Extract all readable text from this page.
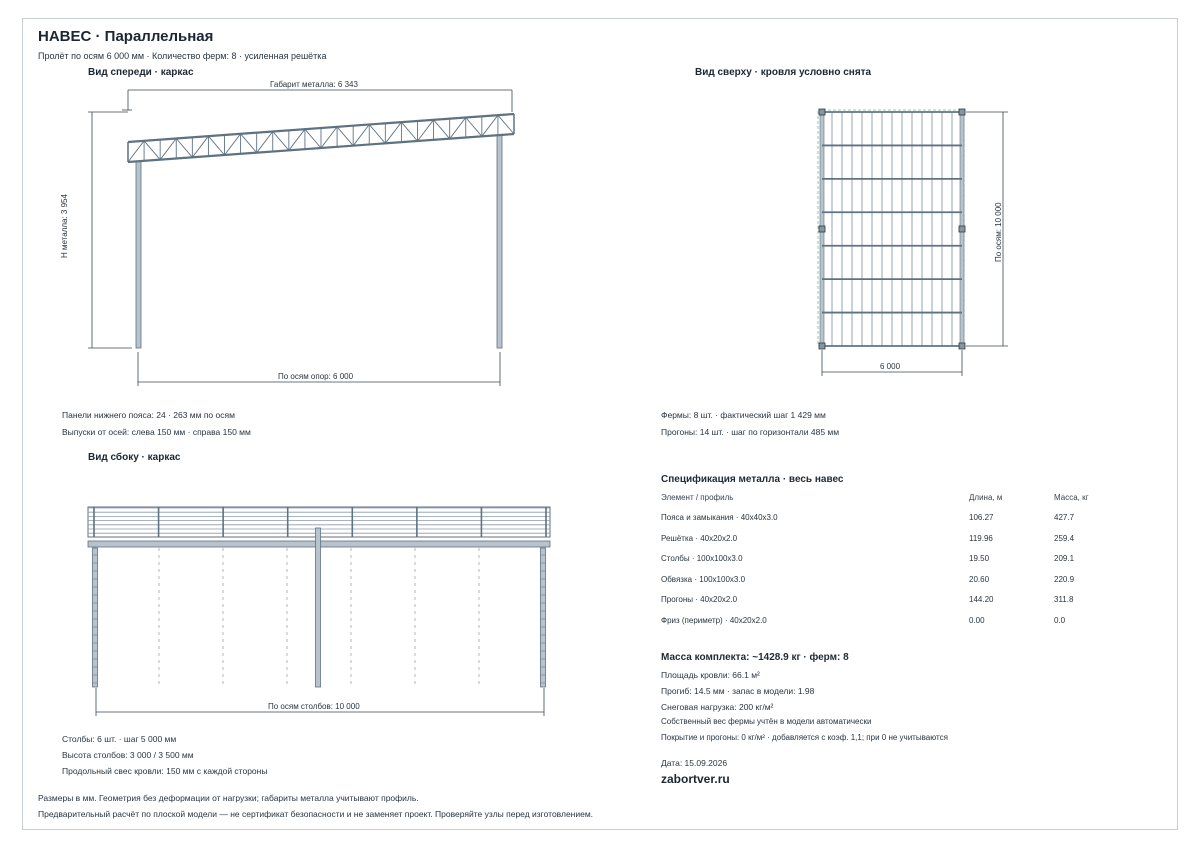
НАВЕС · Параллельная
Пролёт по осям 6 000 мм · Количество ферм: 8 · усиленная решётка
Вид спереди · каркас
Габарит металла: 6 343
Н металла: 3 954
По осям опор: 6 000
Панели нижнего пояса: 24 · 263 мм по осям
Выпуски от осей: слева 150 мм · справа 150 мм
Вид сверху · кровля условно снята
По осям: 10 000
6 000
Фермы: 8 шт. · фактический шаг 1 429 мм
Прогоны: 14 шт. · шаг по горизонтали 485 мм
Вид сбоку · каркас
По осям столбов: 10 000
Столбы: 6 шт. · шаг 5 000 мм
Высота столбов: 3 000 / 3 500 мм
Продольный свес кровли: 150 мм с каждой стороны
Спецификация металла · весь навес
Элемент / профиль	Длина, м	Масса, кг
Пояса и замыкания · 40x40x3.0	106.27	427.7
Решётка · 40x20x2.0	119.96	259.4
Столбы · 100x100x3.0	19.50	209.1
Обвязка · 100x100x3.0	20.60	220.9
Прогоны · 40x20x2.0	144.20	311.8
Фриз (периметр) · 40x20x2.0	0.00	0.0
Масса комплекта: ~1428.9 кг · ферм: 8
Площадь кровли: 66.1 м²
Прогиб: 14.5 мм · запас в модели: 1.98
Снеговая нагрузка: 200 кг/м²
Собственный вес фермы учтён в модели автоматически
Покрытие и прогоны: 0 кг/м² · добавляется с коэф. 1,1; при 0 не учитываются
Дата: 15.09.2026
zabortver.ru
Размеры в мм. Геометрия без деформации от нагрузки; габариты металла учитывают профиль.
Предварительный расчёт по плоской модели — не сертификат безопасности и не заменяет проект. Проверяйте узлы перед изготовлением.
